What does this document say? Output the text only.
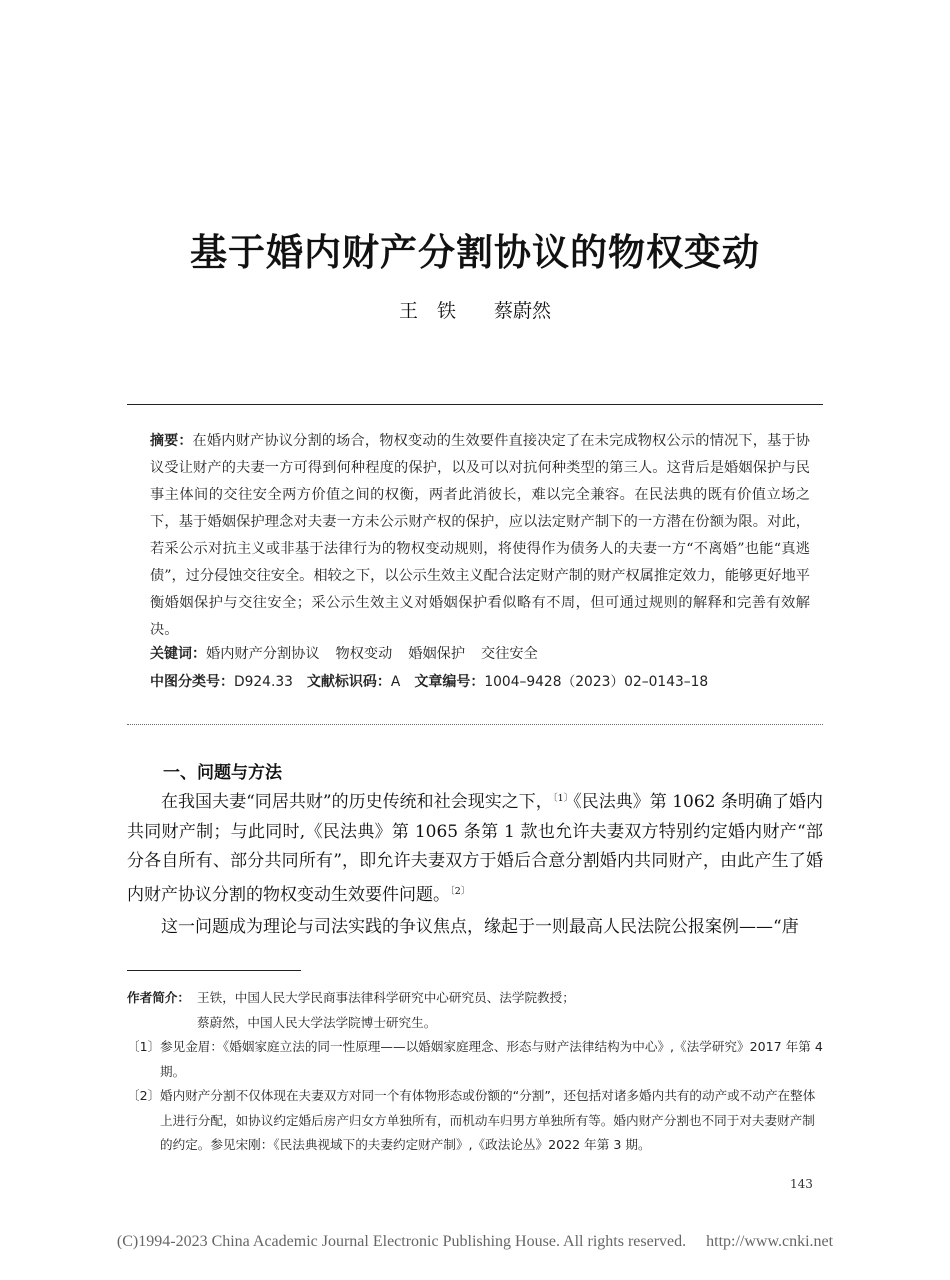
基于婚内财产分割协议的物权变动
王　铁 蔡蔚然
摘要：在婚内财产协议分割的场合，物权变动的生效要件直接决定了在未完成物权公示的情况下，基于协议受让财产的夫妻一方可得到何种程度的保护，以及可以对抗何种类型的第三人。这背后是婚姻保护与民事主体间的交往安全两方价值之间的权衡，两者此消彼长，难以完全兼容。在民法典的既有价值立场之下，基于婚姻保护理念对夫妻一方未公示财产权的保护，应以法定财产制下的一方潜在份额为限。对此，若采公示对抗主义或非基于法律行为的物权变动规则，将使得作为债务人的夫妻一方“不离婚”也能“真逃债”，过分侵蚀交往安全。相较之下，以公示生效主义配合法定财产制的财产权属推定效力，能够更好地平衡婚姻保护与交往安全；采公示生效主义对婚姻保护看似略有不周，但可通过规则的解释和完善有效解决。
关键词：婚内财产分割协议 物权变动 婚姻保护 交往安全
中图分类号：D924.33 文献标识码：A 文章编号：1004–9428（2023）02–0143–18
一、问题与方法

在我国夫妻“同居共财”的历史传统和社会现实之下，$^{〔1〕}$《民法典》第 1062 条明确了婚内共同财产制；与此同时,《民法典》第 1065 条第 1 款也允许夫妻双方特别约定婚内财产“部分各自所有、部分共同所有”，即允许夫妻双方于婚后合意分割婚内共同财产，由此产生了婚内财产协议分割的物权变动生效要件问题。$^{〔2〕}$

这一问题成为理论与司法实践的争议焦点，缘起于一则最高人民法院公报案例——“唐

作者简介： 王铁，中国人民大学民商事法律科学研究中心研究员、法学院教授；
蔡蔚然，中国人民大学法学院博士研究生。
〔1〕 参见金眉：《婚姻家庭立法的同一性原理——以婚姻家庭理念、形态与财产法律结构为中心》,《法学研究》2017 年第 4 期。
〔2〕 婚内财产分割不仅体现在夫妻双方对同一个有体物形态或份额的“分割”，还包括对诸多婚内共有的动产或不动产在整体上进行分配，如协议约定婚后房产归女方单独所有，而机动车归男方单独所有等。婚内财产分割也不同于对夫妻财产制的约定。参见宋刚：《民法典视域下的夫妻约定财产制》,《政法论丛》2022 年第 3 期。
143
(C)1994-2023 China Academic Journal Electronic Publishing House. All rights reserved. http://www.cnki.net
